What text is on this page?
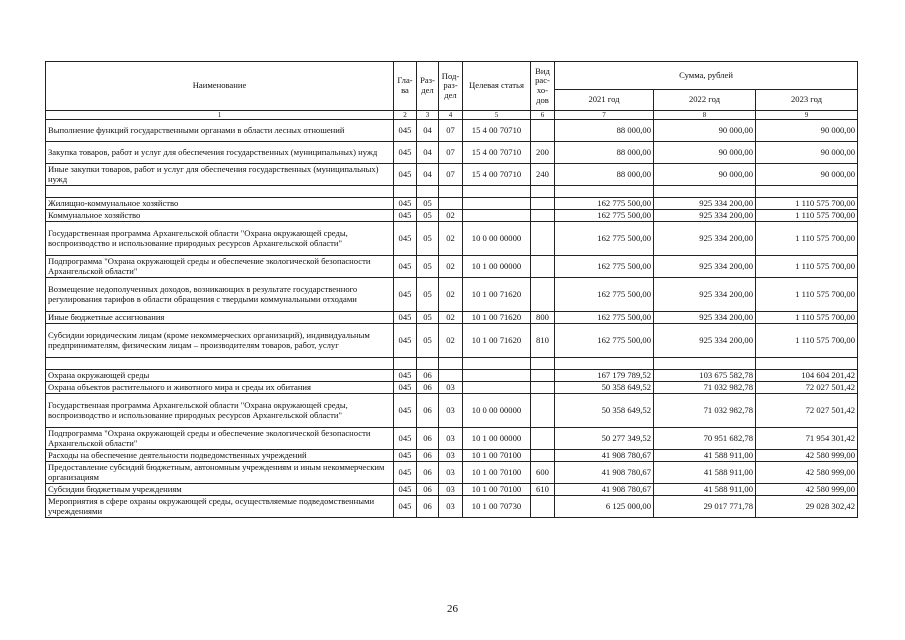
Наименование	Гла-ва	Раз-дел	Под-раз-дел	Целевая статья	Вид рас-хо-дов	Сумма, рублей		
						2021 год	2022 год	2023 год
1	2	3	4	5	6	7	8	9
Выполнение функций государственными органами в области лесных отношений	045	04	07	15 4 00 70710		88 000,00	90 000,00	90 000,00
Закупка товаров, работ и услуг для обеспечения государственных (муниципальных) нужд	045	04	07	15 4 00 70710	200	88 000,00	90 000,00	90 000,00
Иные закупки товаров, работ и услуг для обеспечения государственных (муниципальных) нужд	045	04	07	15 4 00 70710	240	88 000,00	90 000,00	90 000,00

Жилищно-коммунальное хозяйство	045	05				162 775 500,00	925 334 200,00	1 110 575 700,00
Коммунальное хозяйство	045	05	02			162 775 500,00	925 334 200,00	1 110 575 700,00
Государственная программа Архангельской области "Охрана окружающей среды, воспроизводство и использование природных ресурсов Архангельской области"	045	05	02	10 0 00 00000		162 775 500,00	925 334 200,00	1 110 575 700,00
Подпрограмма "Охрана окружающей среды и обеспечение экологической безопасности Архангельской области"	045	05	02	10 1 00 00000		162 775 500,00	925 334 200,00	1 110 575 700,00
Возмещение недополученных доходов, возникающих в результате государственного регулирования тарифов в области обращения с твердыми коммунальными отходами	045	05	02	10 1 00 71620		162 775 500,00	925 334 200,00	1 110 575 700,00
Иные бюджетные ассигнования	045	05	02	10 1 00 71620	800	162 775 500,00	925 334 200,00	1 110 575 700,00
Субсидии юридическим лицам (кроме некоммерческих организаций), индивидуальным предпринимателям, физическим лицам – производителям товаров, работ, услуг	045	05	02	10 1 00 71620	810	162 775 500,00	925 334 200,00	1 110 575 700,00

Охрана окружающей среды	045	06				167 179 789,52	103 675 582,78	104 604 201,42
Охрана объектов растительного и животного мира и среды их обитания	045	06	03			50 358 649,52	71 032 982,78	72 027 501,42
Государственная программа Архангельской области "Охрана окружающей среды, воспроизводство и использование природных ресурсов Архангельской области"	045	06	03	10 0 00 00000		50 358 649,52	71 032 982,78	72 027 501,42
Подпрограмма "Охрана окружающей среды и обеспечение экологической безопасности Архангельской области"	045	06	03	10 1 00 00000		50 277 349,52	70 951 682,78	71 954 301,42
Расходы на обеспечение деятельности подведомственных учреждений	045	06	03	10 1 00 70100		41 908 780,67	41 588 911,00	42 580 999,00
Предоставление субсидий бюджетным, автономным учреждениям и иным некоммерческим организациям	045	06	03	10 1 00 70100	600	41 908 780,67	41 588 911,00	42 580 999,00
Субсидии бюджетным учреждениям	045	06	03	10 1 00 70100	610	41 908 780,67	41 588 911,00	42 580 999,00
Мероприятия в сфере охраны окружающей среды, осуществляемые подведомственными учреждениями	045	06	03	10 1 00 70730		6 125 000,00	29 017 771,78	29 028 302,42
26
